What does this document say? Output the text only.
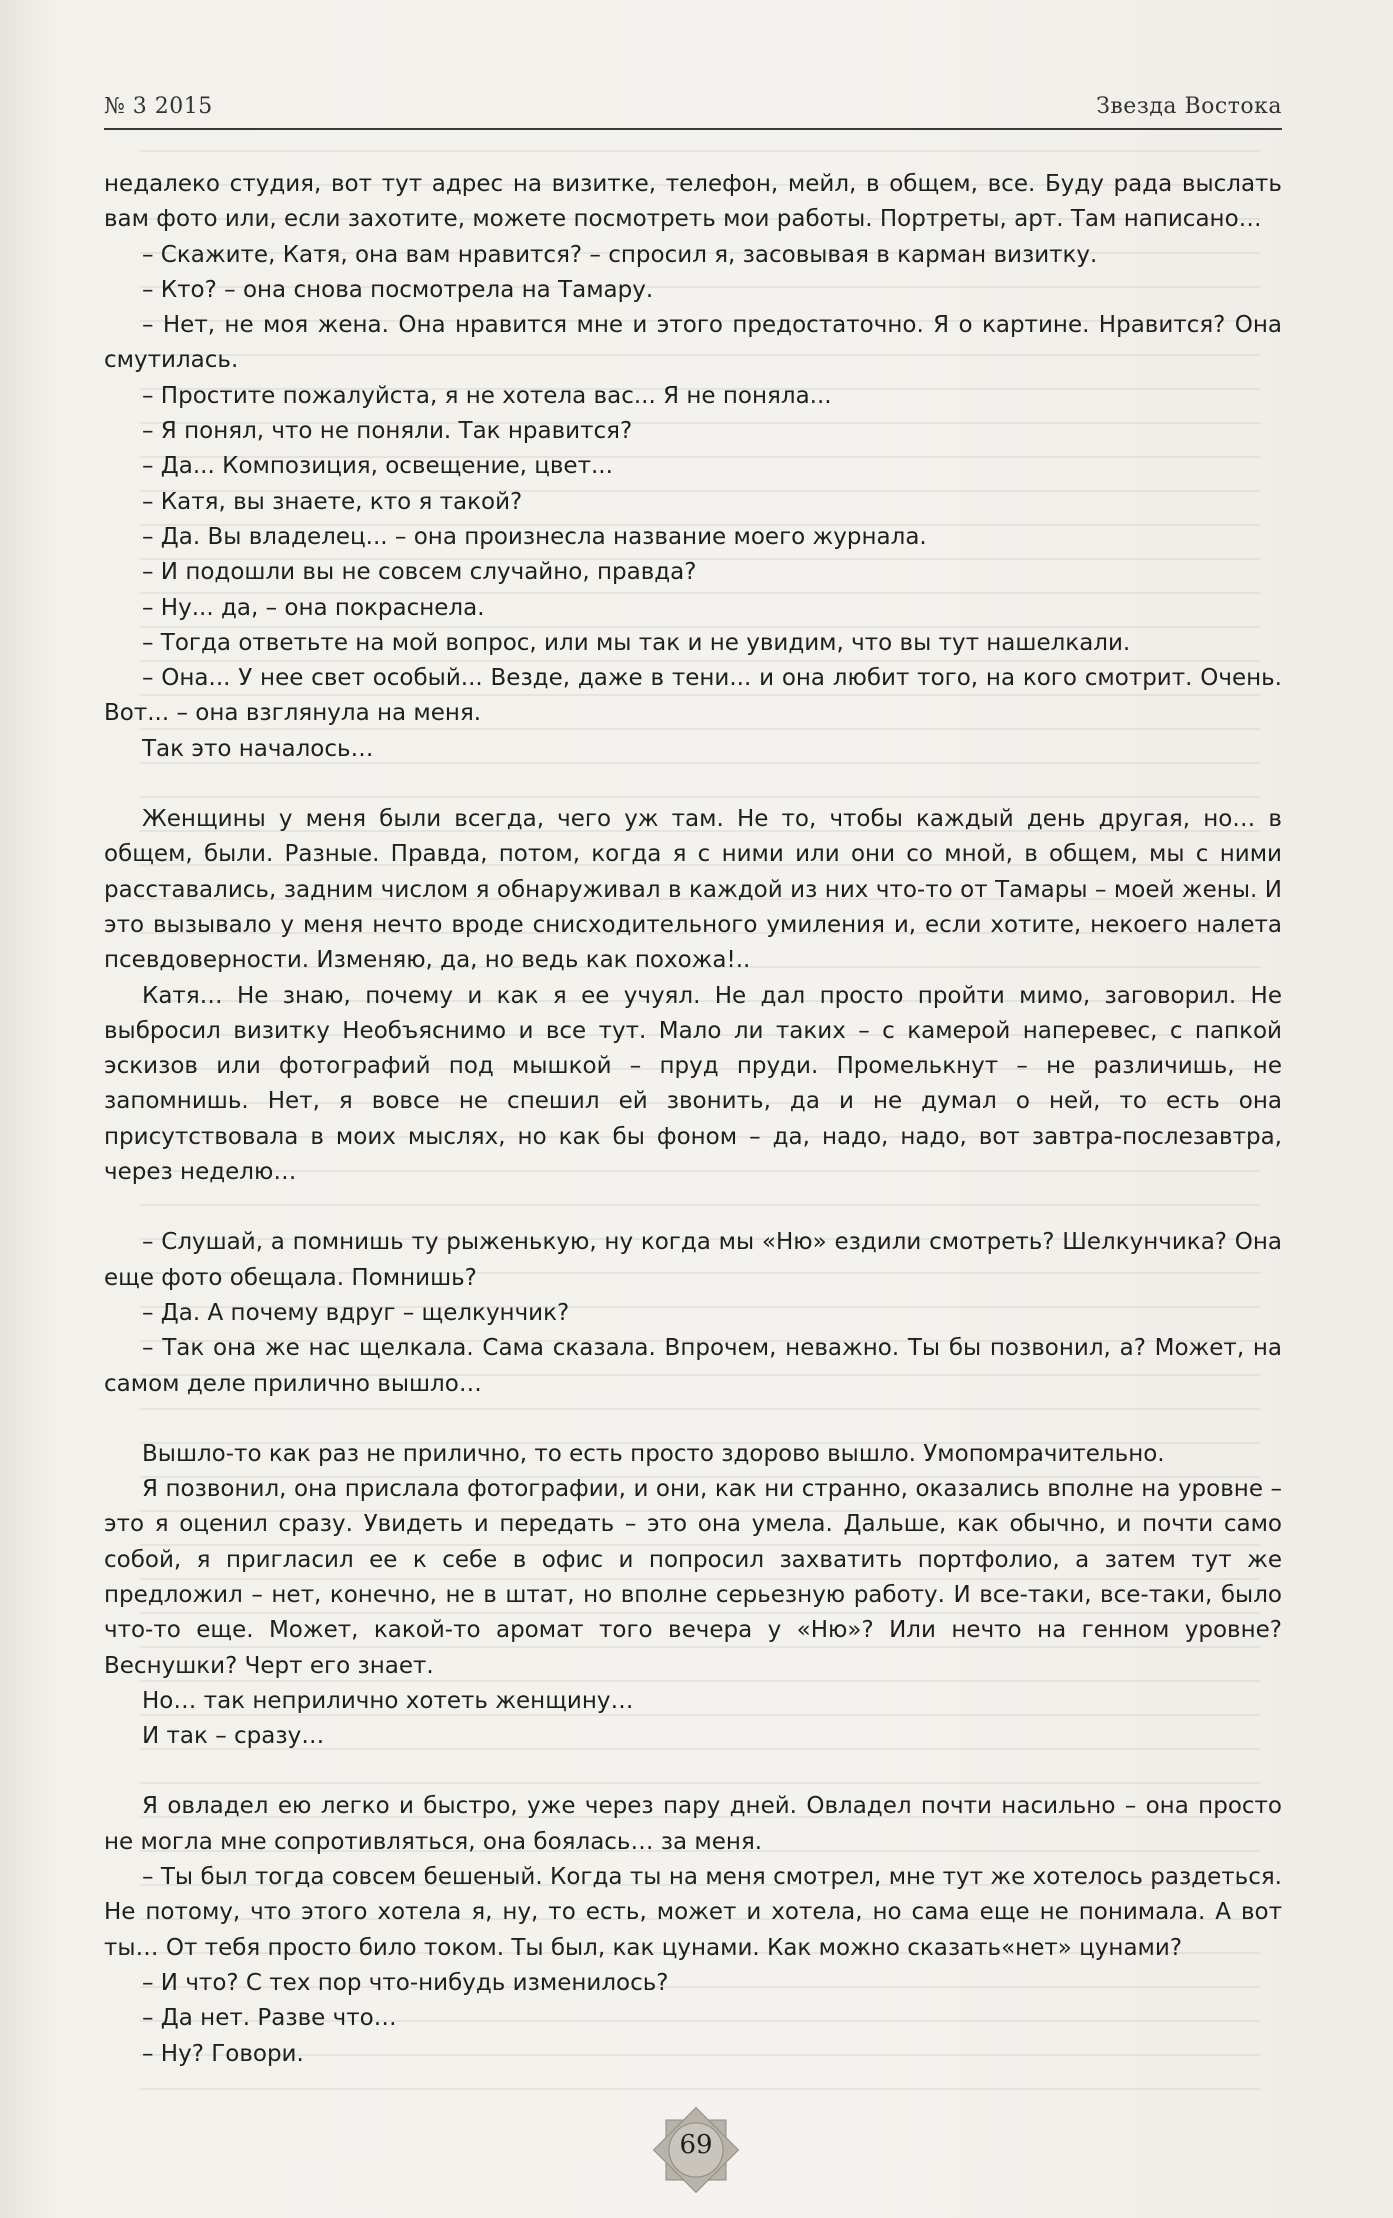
№ 3 2015	Звезда Востока

недалеко студия, вот тут адрес на визитке, телефон, мейл, в общем, все. Буду рада выслать вам фото или, если захотите, можете посмотреть мои работы. Портреты, арт. Там написано…

– Скажите, Катя, она вам нравится? – спросил я, засовывая в карман визитку.

– Кто? – она снова посмотрела на Тамару.

– Нет, не моя жена. Она нравится мне и этого предостаточно. Я о картине. Нравится? Она смутилась.

– Простите пожалуйста, я не хотела вас... Я не поняла...

– Я понял, что не поняли. Так нравится?

– Да... Композиция, освещение, цвет...

– Катя, вы знаете, кто я такой?

– Да. Вы владелец... – она произнесла название моего журнала.

– И подошли вы не совсем случайно, правда?

– Ну... да, – она покраснела.

– Тогда ответьте на мой вопрос, или мы так и не увидим, что вы тут нашелкали.

– Она... У нее свет особый... Везде, даже в тени... и она любит того, на кого смотрит. Очень. Вот... – она взглянула на меня.

Так это началось…

Женщины у меня были всегда, чего уж там. Не то, чтобы каждый день другая, но… в общем, были. Разные. Правда, потом, когда я с ними или они со мной, в общем, мы с ними расставались, задним числом я обнаруживал в каждой из них что-то от Тамары – моей жены. И это вызывало у меня нечто вроде снисходительного умиления и, если хотите, некоего налета псевдоверности. Изменяю, да, но ведь как похожа!..

Катя… Не знаю, почему и как я ее учуял. Не дал просто пройти мимо, заговорил. Не выбросил визитку Необъяснимо и все тут. Мало ли таких – с камерой наперевес, с папкой эскизов или фотографий под мышкой – пруд пруди. Промелькнут – не различишь, не запомнишь. Нет, я вовсе не спешил ей звонить, да и не думал о ней, то есть она присутствовала в моих мыслях, но как бы фоном – да, надо, надо, вот завтра-послезавтра, через неделю…

– Слушай, а помнишь ту рыженькую, ну когда мы «Ню» ездили смотреть? Шелкунчика? Она еще фото обещала. Помнишь?

– Да. А почему вдруг – щелкунчик?

– Так она же нас щелкала. Сама сказала. Впрочем, неважно. Ты бы позвонил, а? Может, на самом деле прилично вышло…

Вышло-то как раз не прилично, то есть просто здорово вышло. Умопомрачительно.

Я позвонил, она прислала фотографии, и они, как ни странно, оказались вполне на уровне – это я оценил сразу. Увидеть и передать – это она умела. Дальше, как обычно, и почти само собой, я пригласил ее к себе в офис и попросил захватить портфолио, а затем тут же предложил – нет, конечно, не в штат, но вполне серьезную работу. И все-таки, все-таки, было что-то еще. Может, какой-то аромат того вечера у «Ню»? Или нечто на генном уровне? Веснушки? Черт его знает.

Но… так неприлично хотеть женщину…

И так – сразу…

Я овладел ею легко и быстро, уже через пару дней. Овладел почти насильно – она просто не могла мне сопротивляться, она боялась… за меня.

– Ты был тогда совсем бешеный. Когда ты на меня смотрел, мне тут же хотелось раздеться. Не потому, что этого хотела я, ну, то есть, может и хотела, но сама еще не понимала. А вот ты… От тебя просто било током. Ты был, как цунами. Как можно сказать«нет» цунами?

– И что? С тех пор что-нибудь изменилось?

– Да нет. Разве что…

– Ну? Говори.

69
